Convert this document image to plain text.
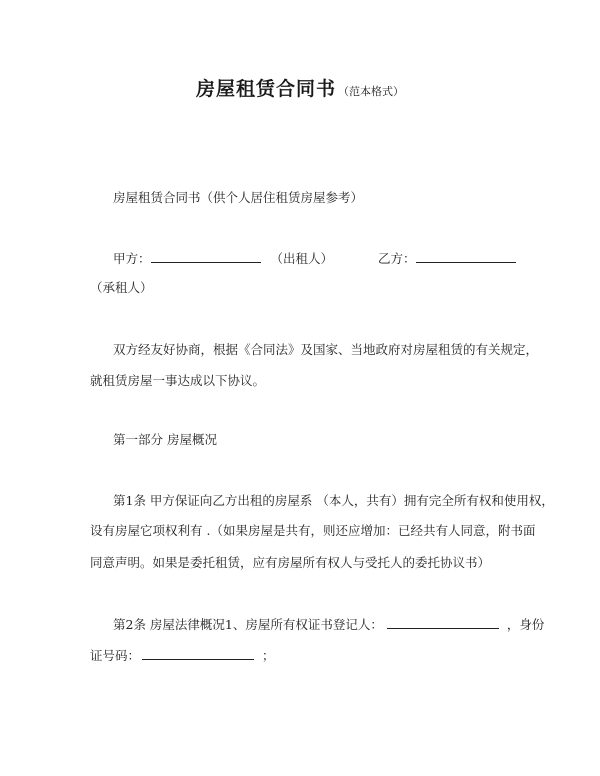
房屋租赁合同书 （范本格式）
房屋租赁合同书（供个人居住租赁房屋参考）
甲方：	（出租人）	乙方：
（承租人）
双方经友好协商，根据《合同法》及国家、当地政府对房屋租赁的有关规定，
就租赁房屋一事达成以下协议。
第一部分 房屋概况
第1条 甲方保证向乙方出租的房屋系 （本人，共有）拥有完全所有权和使用权，
设有房屋它项权利有 .（如果房屋是共有，则还应增加：已经共有人同意，附书面
同意声明。如果是委托租赁，应有房屋所有权人与受托人的委托协议书）
第2条 房屋法律概况1、房屋所有权证书登记人：	，身份
证号码：	；
